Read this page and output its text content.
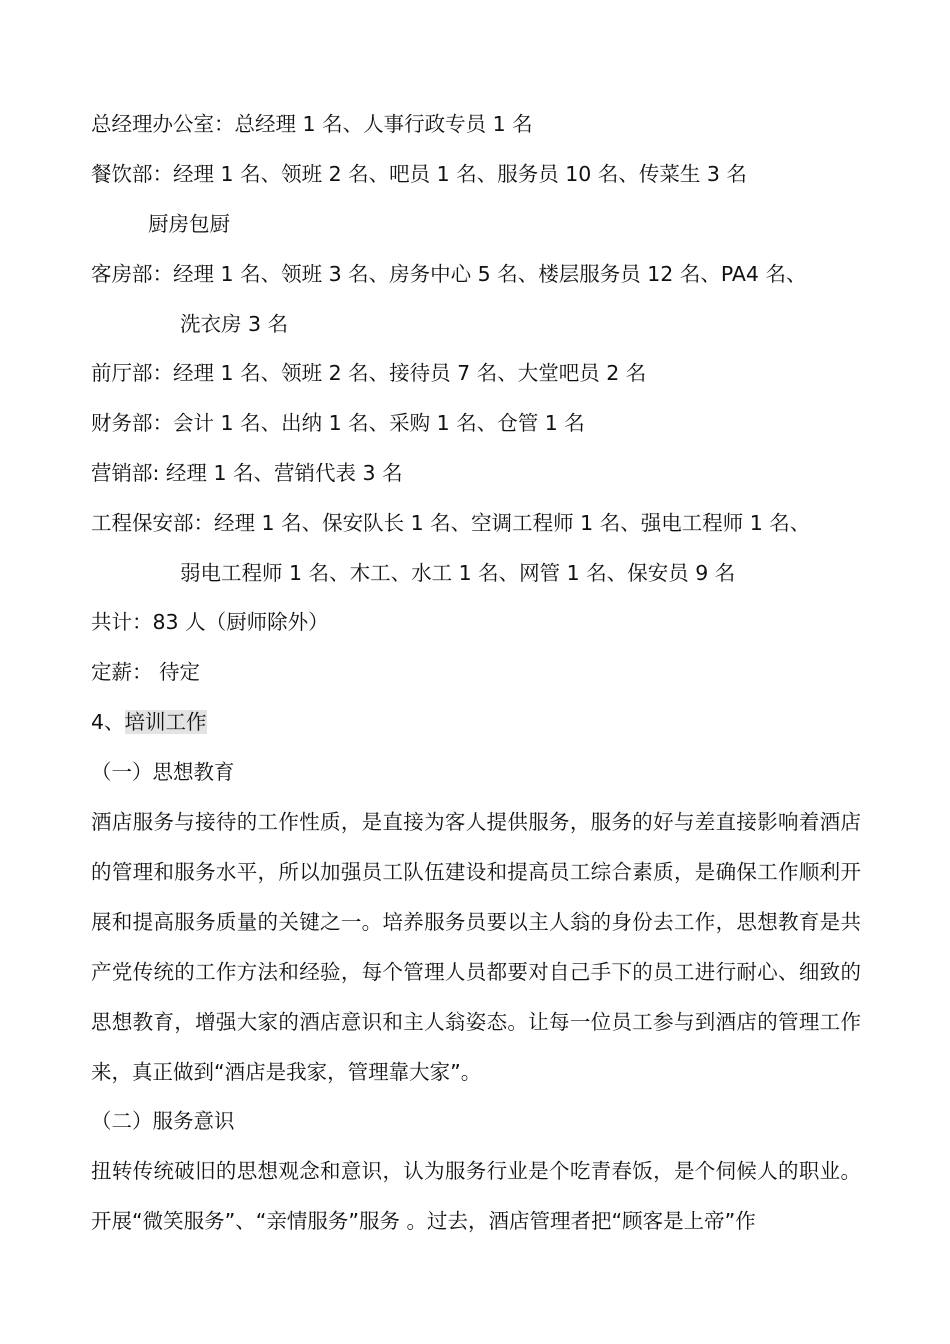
总经理办公室：总经理 1 名、人事行政专员 1 名
餐饮部：经理 1 名、领班 2 名、吧员 1 名、服务员 10 名、传菜生 3 名
厨房包厨
客房部：经理 1 名、领班 3 名、房务中心 5 名、楼层服务员 12 名、PA4 名、
洗衣房 3 名
前厅部：经理 1 名、领班 2 名、接待员 7 名、大堂吧员 2 名
财务部：会计 1 名、出纳 1 名、采购 1 名、仓管 1 名
营销部: 经理 1 名、营销代表 3 名
工程保安部：经理 1 名、保安队长 1 名、空调工程师 1 名、强电工程师 1 名、
弱电工程师 1 名、木工、水工 1 名、网管 1 名、保安员 9 名
共计：83 人（厨师除外）
定薪： 待定
4、培训工作
（一）思想教育
酒店服务与接待的工作性质，是直接为客人提供服务，服务的好与差直接影响着酒店的管理和服务水平，所以加强员工队伍建设和提高员工综合素质，是确保工作顺利开展和提高服务质量的关键之一。培养服务员要以主人翁的身份去工作，思想教育是共产党传统的工作方法和经验，每个管理人员都要对自己手下的员工进行耐心、细致的思想教育，增强大家的酒店意识和主人翁姿态。让每一位员工参与到酒店的管理工作来，真正做到“酒店是我家，管理靠大家”。
（二）服务意识
扭转传统破旧的思想观念和意识，认为服务行业是个吃青春饭，是个伺候人的职业。开展“微笑服务”、“亲情服务”服务 。过去，酒店管理者把“顾客是上帝”作
